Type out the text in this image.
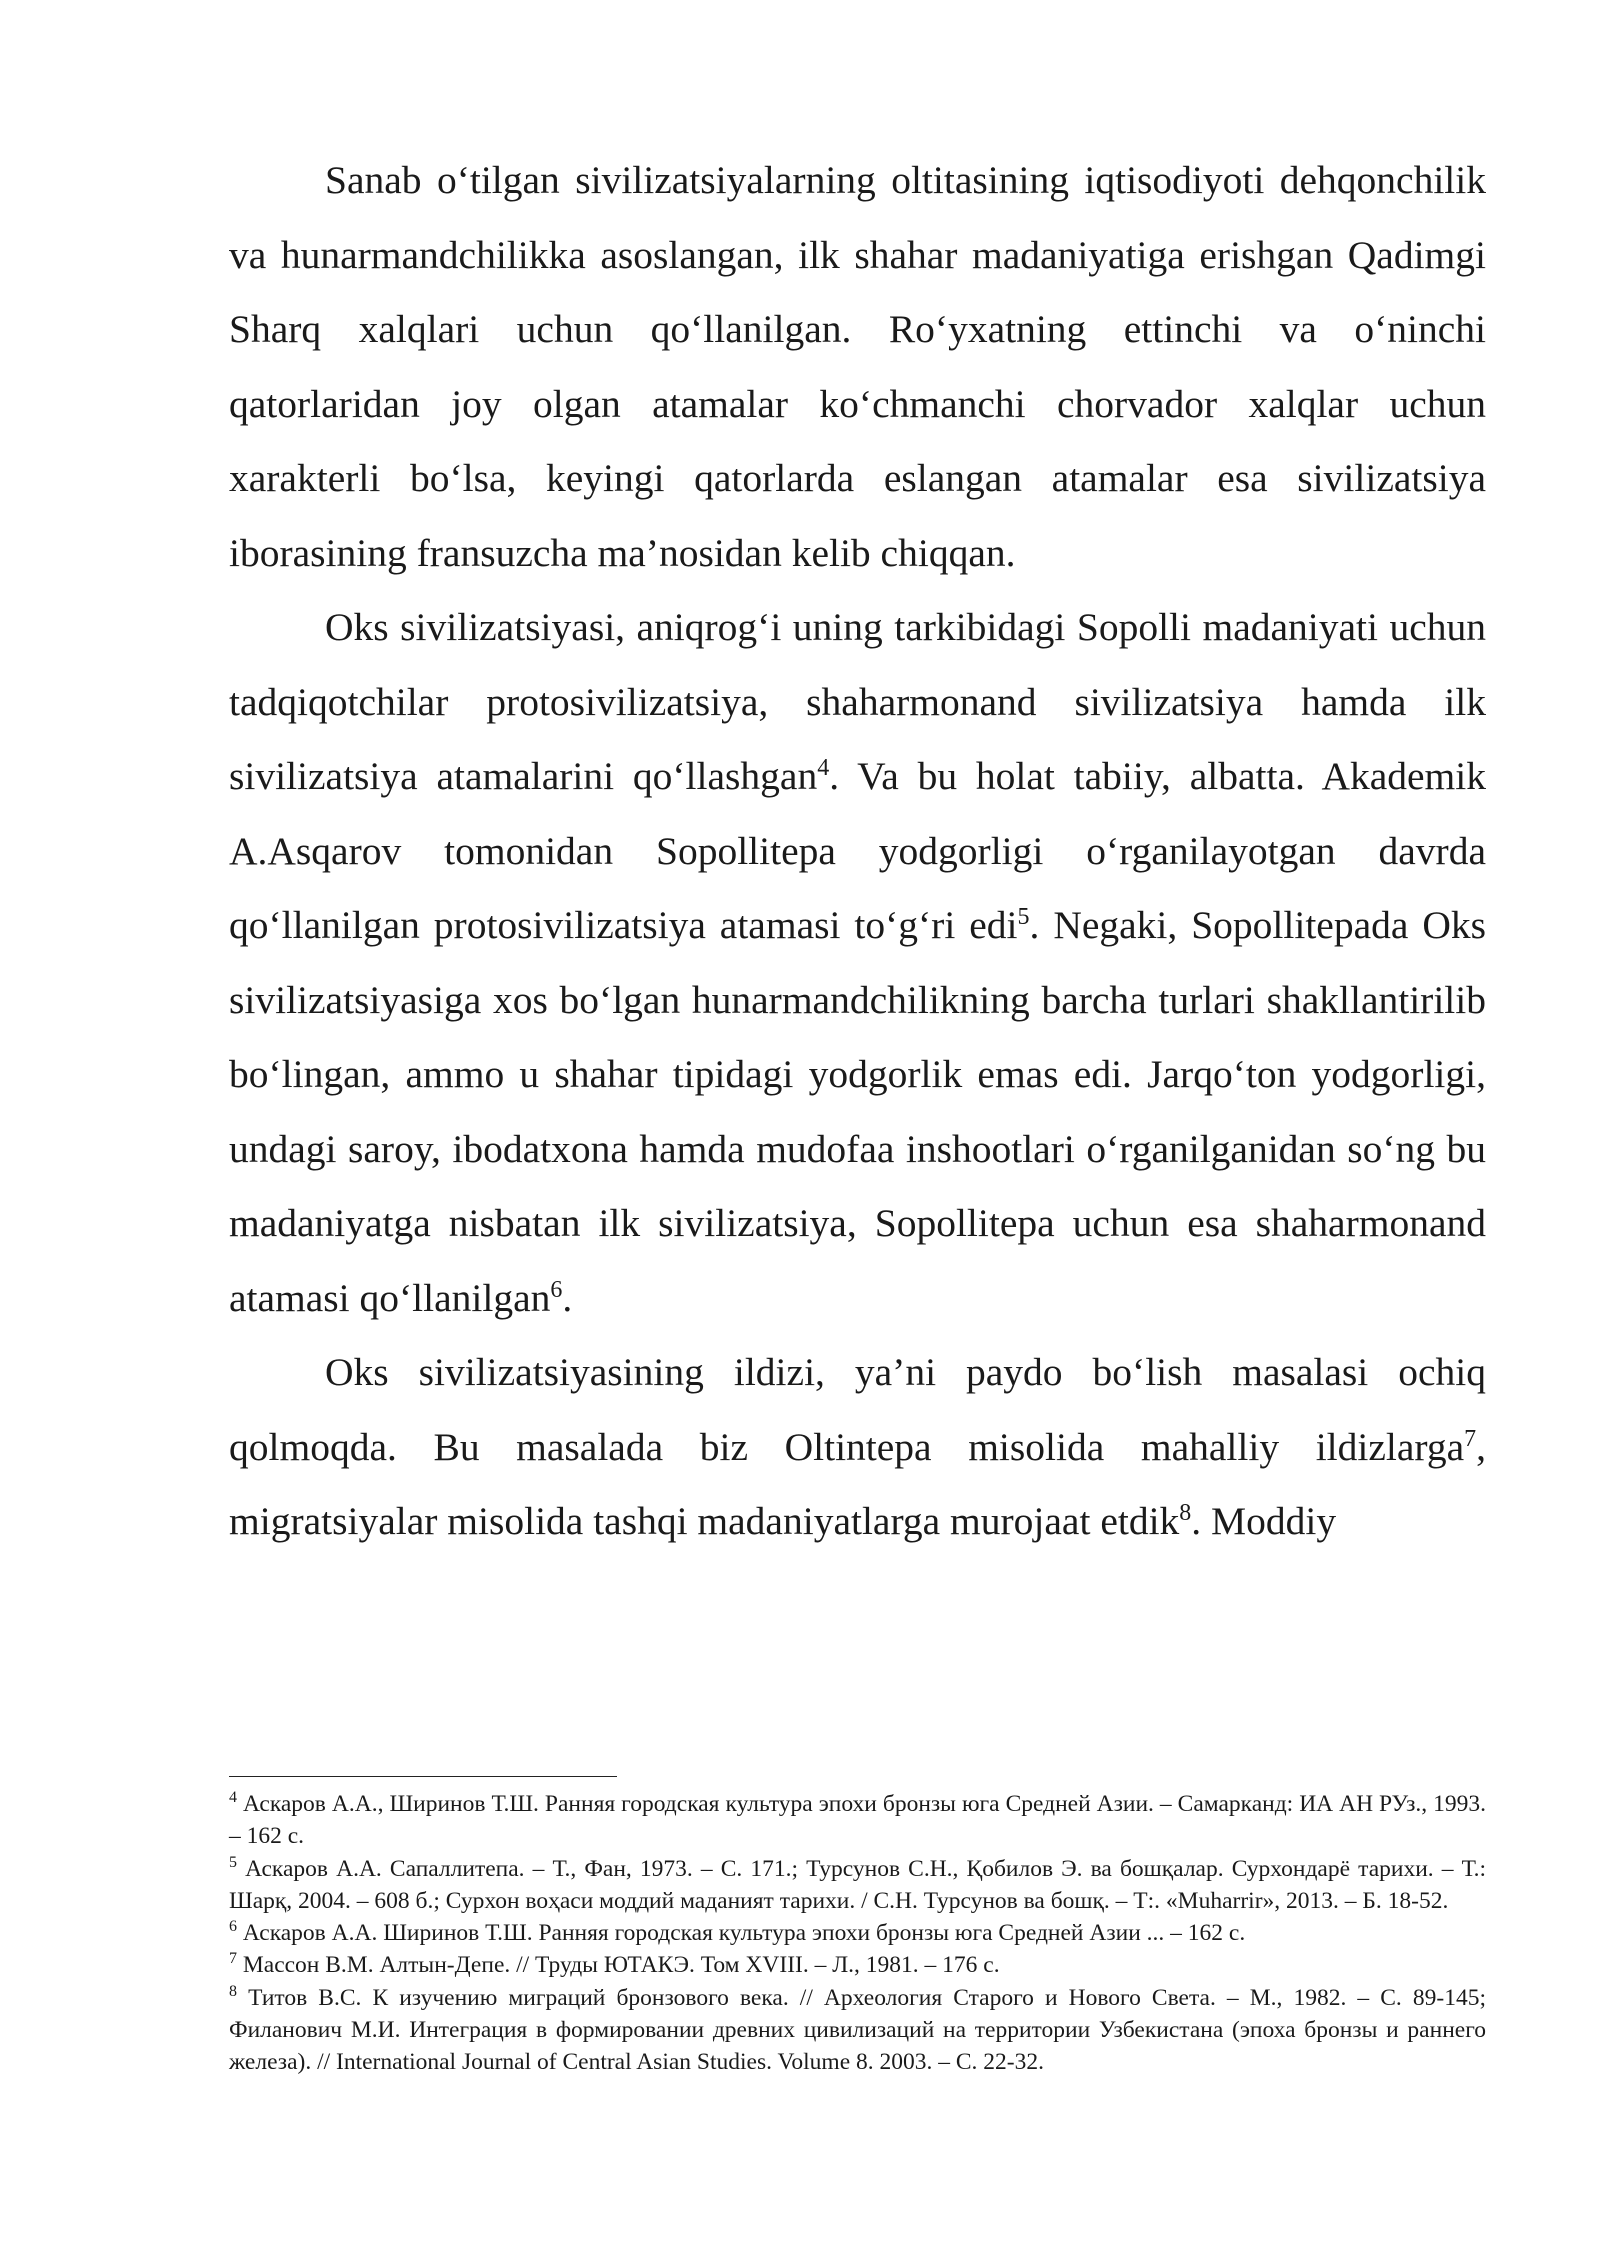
Sanab o‘tilgan sivilizatsiyalarning oltitasining iqtisodiyoti dehqonchilik va hunarmandchilikka asoslangan, ilk shahar madaniyatiga erishgan Qadimgi Sharq xalqlari uchun qo‘llanilgan. Ro‘yxatning ettinchi va o‘ninchi qatorlaridan joy olgan atamalar ko‘chmanchi chorvador xalqlar uchun xarakterli bo‘lsa, keyingi qatorlarda eslangan atamalar esa sivilizatsiya iborasining fransuzcha ma’nosidan kelib chiqqan.

Oks sivilizatsiyasi, aniqrog‘i uning tarkibidagi Sopolli madaniyati uchun tadqiqotchilar protosivilizatsiya, shaharmonand sivilizatsiya hamda ilk sivilizatsiya atamalarini qo‘llashgan$^4$. Va bu holat tabiiy, albatta. Akademik A.Asqarov tomonidan Sopollitepa yodgorligi o‘rganilayotgan davrda qo‘llanilgan protosivilizatsiya atamasi to‘g‘ri edi$^5$. Negaki, Sopollitepada Oks sivilizatsiyasiga xos bo‘lgan hunarmandchilikning barcha turlari shakllantirilib bo‘lingan, ammo u shahar tipidagi yodgorlik emas edi. Jarqo‘ton yodgorligi, undagi saroy, ibodatxona hamda mudofaa inshootlari o‘rganilganidan so‘ng bu madaniyatga nisbatan ilk sivilizatsiya, Sopollitepa uchun esa shaharmonand atamasi qo‘llanilgan$^6$.

Oks sivilizatsiyasining ildizi, ya’ni paydo bo‘lish masalasi ochiq qolmoqda. Bu masalada biz Oltintepa misolida mahalliy ildizlarga$^7$, migratsiyalar misolida tashqi madaniyatlarga murojaat etdik$^8$. Moddiy

$^4$ Аскаров А.А., Ширинов Т.Ш. Ранняя городская культура эпохи бронзы юга Средней Азии. – Самарканд: ИА АН РУз., 1993. – 162 с.

$^5$ Аскаров А.А. Сапаллитепа. – Т., Фан, 1973. – С. 171.; Турсунов С.Н., Қобилов Э. ва бошқалар. Сурхондарё тарихи. – Т.: Шарқ, 2004. – 608 б.; Сурхон воҳаси моддий маданият тарихи. / С.Н. Турсунов ва бошқ. – Т:. «Muharrir», 2013. – Б. 18-52.

$^6$ Аскаров А.А. Ширинов Т.Ш. Ранняя городская культура эпохи бронзы юга Средней Азии ... – 162 с.

$^7$ Массон В.М. Алтын-Депе. // Труды ЮТАКЭ. Том XVIII. – Л., 1981. – 176 с.

$^8$ Титов В.С. К изучению миграций бронзового века. // Археология Старого и Нового Света. – М., 1982. – С. 89-145; Филанович М.И. Интеграция в формировании древних цивилизаций на территории Узбекистана (эпоха бронзы и раннего железа). // International Journal of Central Asian Studies. Volume 8. 2003. – С. 22-32.
